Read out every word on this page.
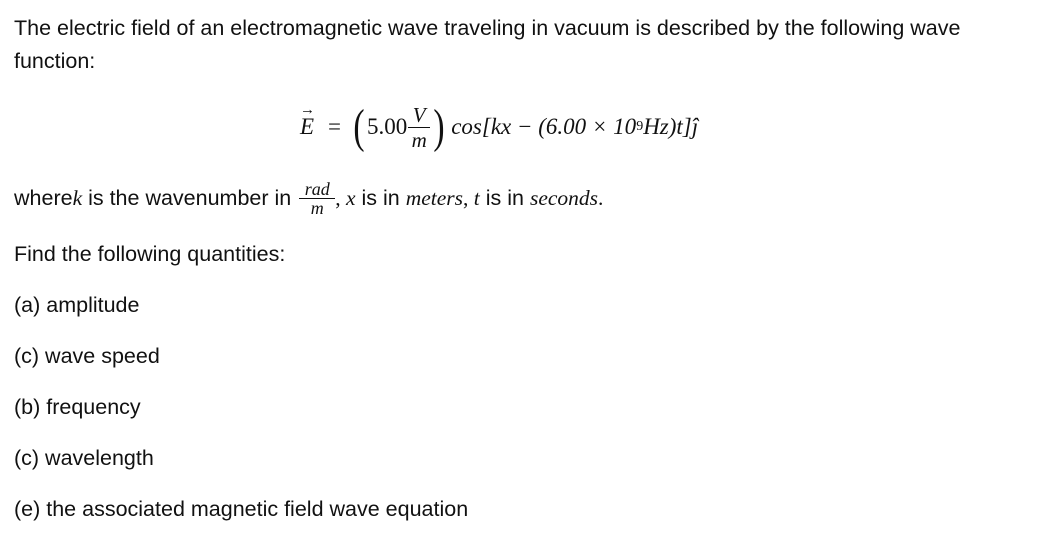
The electric field of an electromagnetic wave traveling in vacuum is described by the following wave function:
→
E = ( $5.00 \frac{V}{m}$ ) cos[kx − (6.00 × 10 9 Hz)t] ĵ
where k is the wavenumber in $\frac{\text{rad}}{m}$ , x is in meters , t is in seconds .
Find the following quantities:
(a) amplitude
(c) wave speed
(b) frequency
(c) wavelength
(e) the associated magnetic field wave equation
